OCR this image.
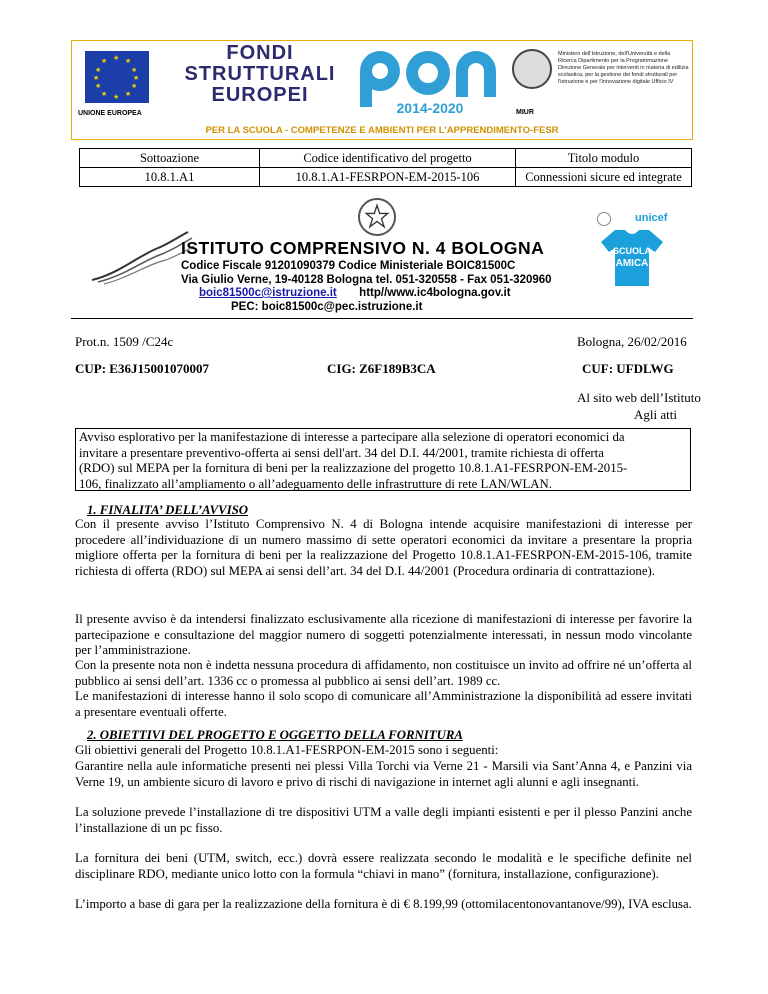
★ ★
★
★
★
★
★
★
★
★
★
★
UNIONE EUROPEA
FONDI
STRUTTURALI
EUROPEI
2014-2020	MIUR
Ministero dell'Istruzione, dell'Università e della Ricerca Dipartimento per la Programmazione Direzione Generale per interventi in materia di edilizia scolastica, per la gestione dei fondi strutturali per l'istruzione e per l'innovazione digitale Ufficio IV
PER LA SCUOLA - COMPETENZE E AMBIENTI PER L'APPRENDIMENTO-FESR
Sottoazione	Codice identificativo del progetto	Titolo modulo
10.8.1.A1	10.8.1.A1-FESRPON-EM-2015-106	Connessioni sicure ed integrate
ISTITUTO COMPRENSIVO N. 4 BOLOGNA
Codice Fiscale 91201090379 Codice Ministeriale BOIC81500C
Via Giulio Verne, 19-40128 Bologna tel. 051-320558 - Fax 051-320960
boic81500c@istruzione.it http//www.ic4bologna.gov.it
PEC: boic81500c@pec.istruzione.it
unicef
SCUOLA
AMICA
Prot.n. 1509 /C24c	Bologna, 26/02/2016
CUP: E36J15001070007	CIG: Z6F189B3CA	CUF: UFDLWG
Al sito web dell’Istituto
Agli atti
Avviso esplorativo per la manifestazione di interesse a partecipare alla selezione di operatori economici da
invitare a presentare preventivo-offerta ai sensi dell'art. 34 del D.I. 44/2001, tramite richiesta di offerta
(RDO) sul MEPA per la fornitura di beni per la realizzazione del progetto 10.8.1.A1-FESRPON-EM-2015-
106, finalizzato all’ampliamento o all’adeguamento delle infrastrutture di rete LAN/WLAN.
1. FINALITA’ DELL’AVVISO
Con il presente avviso l’Istituto Comprensivo N. 4 di Bologna intende acquisire manifestazioni di interesse per procedere all’individuazione di un numero massimo di sette operatori economici da invitare a presentare la propria migliore offerta per la fornitura di beni per la realizzazione del Progetto 10.8.1.A1-FESRPON-EM-2015-106, tramite richiesta di offerta (RDO) sul MEPA ai sensi dell’art. 34 del D.I. 44/2001 (Procedura ordinaria di contrattazione).
Il presente avviso è da intendersi finalizzato esclusivamente alla ricezione di manifestazioni di interesse per favorire la partecipazione e consultazione del maggior numero di soggetti potenzialmente interessati, in nessun modo vincolante per l’amministrazione.
Con la presente nota non è indetta nessuna procedura di affidamento, non costituisce un invito ad offrire né un’offerta al pubblico ai sensi dell’art. 1336 cc o promessa al pubblico ai sensi dell’art. 1989 cc.
Le manifestazioni di interesse hanno il solo scopo di comunicare all’Amministrazione la disponibilità ad essere invitati a presentare eventuali offerte.
2. OBIETTIVI DEL PROGETTO E OGGETTO DELLA FORNITURA
Gli obiettivi generali del Progetto 10.8.1.A1-FESRPON-EM-2015 sono i seguenti:
Garantire nella aule informatiche presenti nei plessi Villa Torchi via Verne 21 - Marsili via Sant’Anna 4, e Panzini via Verne 19, un ambiente sicuro di lavoro e privo di rischi di navigazione in internet agli alunni e agli insegnanti.
La soluzione prevede l’installazione di tre dispositivi UTM a valle degli impianti esistenti e per il plesso Panzini anche l’installazione di un pc fisso.
La fornitura dei beni (UTM, switch, ecc.) dovrà essere realizzata secondo le modalità e le specifiche definite nel disciplinare RDO, mediante unico lotto con la formula “chiavi in mano” (fornitura, installazione, configurazione).
L’importo a base di gara per la realizzazione della fornitura è di € 8.199,99 (ottomilacentonovantanove/99), IVA esclusa.
